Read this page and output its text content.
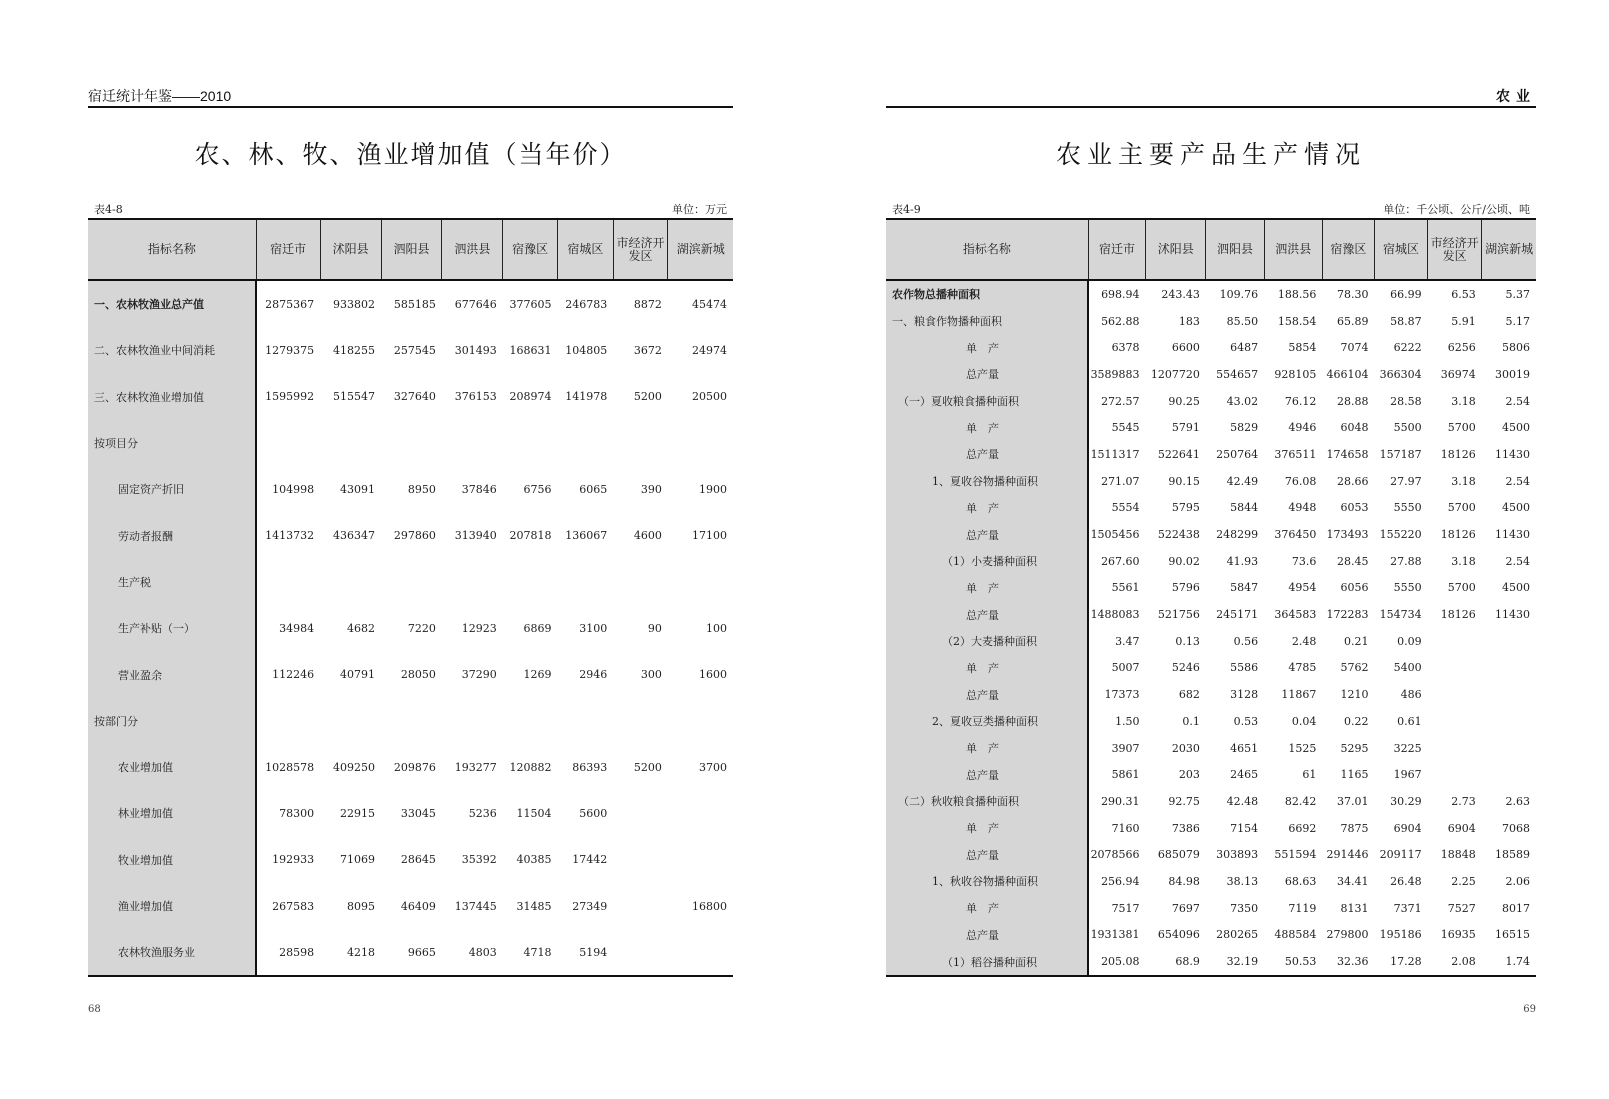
宿迁统计年鉴——2010
农、林、牧、渔业增加值（当年价）
表4-8	单位：万元
指标名称	宿迁市	沭阳县	泗阳县	泗洪县	宿豫区	宿城区	市经济开发区	湖滨新城
一、农林牧渔业总产值	2875367	933802	585185	677646	377605	246783	8872	45474
二、农林牧渔业中间消耗	1279375	418255	257545	301493	168631	104805	3672	24974
三、农林牧渔业增加值	1595992	515547	327640	376153	208974	141978	5200	20500
按项目分								
固定资产折旧	104998	43091	8950	37846	6756	6065	390	1900
劳动者报酬	1413732	436347	297860	313940	207818	136067	4600	17100
生产税								
生产补贴（一）	34984	4682	7220	12923	6869	3100	90	100
营业盈余	112246	40791	28050	37290	1269	2946	300	1600
按部门分								
农业增加值	1028578	409250	209876	193277	120882	86393	5200	3700
林业增加值	78300	22915	33045	5236	11504	5600		
牧业增加值	192933	71069	28645	35392	40385	17442		
渔业增加值	267583	8095	46409	137445	31485	27349		16800
农林牧渔服务业	28598	4218	9665	4803	4718	5194		
68
农业
农业主要产品生产情况
表4-9	单位：千公顷、公斤/公顷、吨
指标名称	宿迁市	沭阳县	泗阳县	泗洪县	宿豫区	宿城区	市经济开发区	湖滨新城
农作物总播种面积	698.94	243.43	109.76	188.56	78.30	66.99	6.53	5.37
一、粮食作物播种面积	562.88	183	85.50	158.54	65.89	58.87	5.91	5.17
单　产	6378	6600	6487	5854	7074	6222	6256	5806
总产量	3589883	1207720	554657	928105	466104	366304	36974	30019
（一）夏收粮食播种面积	272.57	90.25	43.02	76.12	28.88	28.58	3.18	2.54
单　产	5545	5791	5829	4946	6048	5500	5700	4500
总产量	1511317	522641	250764	376511	174658	157187	18126	11430
1、夏收谷物播种面积	271.07	90.15	42.49	76.08	28.66	27.97	3.18	2.54
单　产	5554	5795	5844	4948	6053	5550	5700	4500
总产量	1505456	522438	248299	376450	173493	155220	18126	11430
（1）小麦播种面积	267.60	90.02	41.93	73.6	28.45	27.88	3.18	2.54
单　产	5561	5796	5847	4954	6056	5550	5700	4500
总产量	1488083	521756	245171	364583	172283	154734	18126	11430
（2）大麦播种面积	3.47	0.13	0.56	2.48	0.21	0.09		
单　产	5007	5246	5586	4785	5762	5400		
总产量	17373	682	3128	11867	1210	486		
2、夏收豆类播种面积	1.50	0.1	0.53	0.04	0.22	0.61		
单　产	3907	2030	4651	1525	5295	3225		
总产量	5861	203	2465	61	1165	1967		
（二）秋收粮食播种面积	290.31	92.75	42.48	82.42	37.01	30.29	2.73	2.63
单　产	7160	7386	7154	6692	7875	6904	6904	7068
总产量	2078566	685079	303893	551594	291446	209117	18848	18589
1、秋收谷物播种面积	256.94	84.98	38.13	68.63	34.41	26.48	2.25	2.06
单　产	7517	7697	7350	7119	8131	7371	7527	8017
总产量	1931381	654096	280265	488584	279800	195186	16935	16515
（1）稻谷播种面积	205.08	68.9	32.19	50.53	32.36	17.28	2.08	1.74
69
